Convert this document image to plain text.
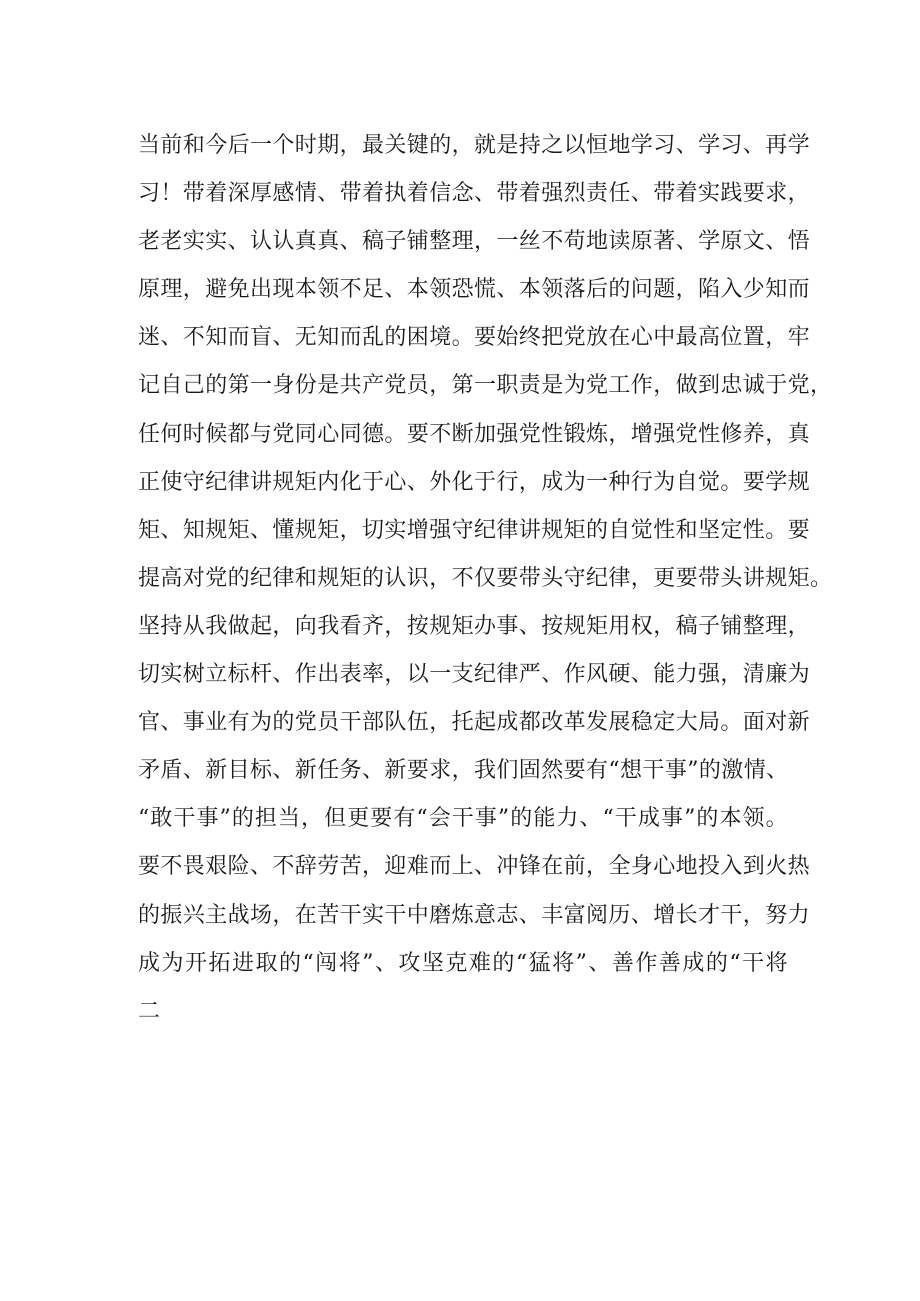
当前和今后一个时期，最关键的，就是持之以恒地学习、学习、再学
习！带着深厚感情、带着执着信念、带着强烈责任、带着实践要求，
老老实实、认认真真、稿子铺整理，一丝不苟地读原著、学原文、悟
原理，避免出现本领不足、本领恐慌、本领落后的问题，陷入少知而
迷、不知而盲、无知而乱的困境。要始终把党放在心中最高位置，牢
记自己的第一身份是共产党员，第一职责是为党工作，做到忠诚于党，
任何时候都与党同心同德。要不断加强党性锻炼，增强党性修养，真
正使守纪律讲规矩内化于心、外化于行，成为一种行为自觉。要学规
矩、知规矩、懂规矩，切实增强守纪律讲规矩的自觉性和坚定性。要
提高对党的纪律和规矩的认识，不仅要带头守纪律，更要带头讲规矩。
坚持从我做起，向我看齐，按规矩办事、按规矩用权，稿子铺整理，
切实树立标杆、作出表率，以一支纪律严、作风硬、能力强，清廉为
官、事业有为的党员干部队伍，托起成都改革发展稳定大局。面对新
矛盾、新目标、新任务、新要求，我们固然要有“想干事”的激情、
“敢干事”的担当，但更要有“会干事”的能力、“干成事”的本领。
要不畏艰险、不辞劳苦，迎难而上、冲锋在前，全身心地投入到火热
的振兴主战场，在苦干实干中磨炼意志、丰富阅历、增长才干，努力
成为开拓进取的“闯将”、攻坚克难的“猛将”、善作善成的“干将
二
